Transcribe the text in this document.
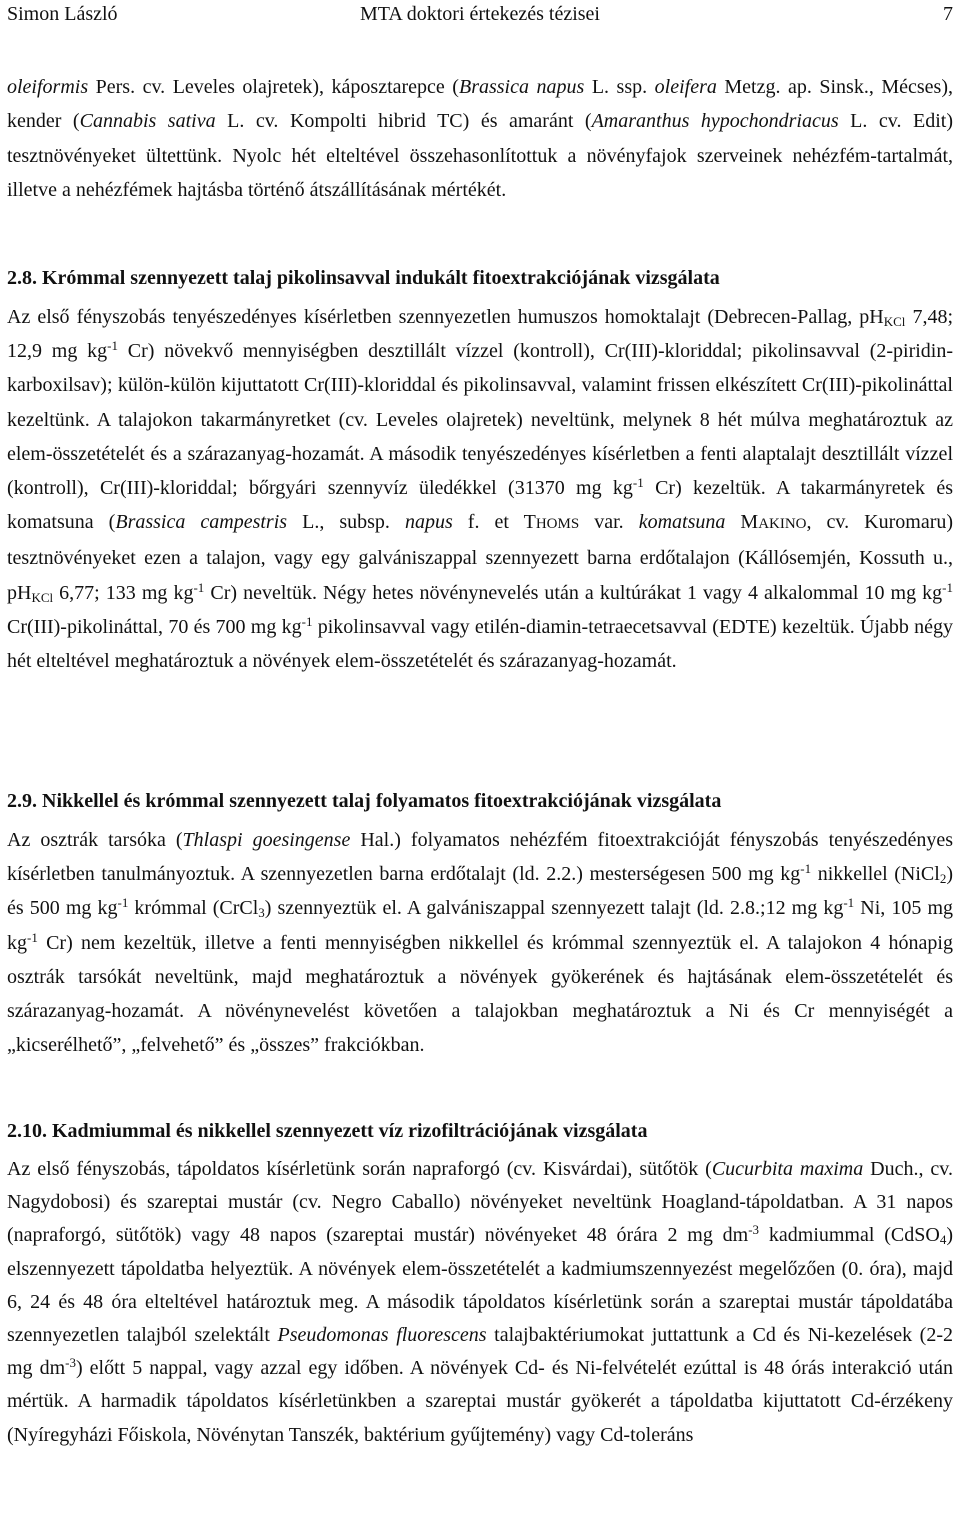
MTA doktori értekezés tézisei
Simon László	7
oleiformis Pers. cv. Leveles olajretek), káposztarepce (Brassica napus L. ssp. oleifera Metzg. ap. Sinsk., Mécses), kender (Cannabis sativa L. cv. Kompolti hibrid TC) és amaránt (Amaranthus hypochondriacus L. cv. Edit) tesztnövényeket ültettünk. Nyolc hét elteltével összehasonlítottuk a növényfajok szerveinek nehézfém-tartalmát, illetve a nehézfémek hajtásba történő átszállításának mértékét.
2.8. Krómmal szennyezett talaj pikolinsavval indukált fitoextrakciójának vizsgálata
Az első fényszobás tenyészedényes kísérletben szennyezetlen humuszos homoktalajt (Debrecen-Pallag, $pH_{KCl}$ 7,48; 12,9 mg $kg^{-1}$ Cr) növekvő mennyiségben desztillált vízzel (kontroll), Cr(III)-kloriddal; pikolinsavval (2-piridin-karboxilsav); külön-külön kijuttatott Cr(III)-kloriddal és pikolinsavval, valamint frissen elkészített Cr(III)-pikolináttal kezeltünk. A talajokon takarmányretket (cv. Leveles olajretek) neveltünk, melynek 8 hét múlva meghatároztuk az elem-összetételét és a szárazanyag-hozamát. A második tenyészedényes kísérletben a fenti alaptalajt desztillált vízzel (kontroll), Cr(III)-kloriddal; bőrgyári szennyvíz üledékkel (31370 mg $kg^{-1}$ Cr) kezeltük. A takarmányretek és komatsuna (Brassica campestris L., subsp. napus f. et THOMS var. komatsuna MAKINO, cv. Kuromaru) tesztnövényeket ezen a talajon, vagy egy galvániszappal szennyezett barna erdőtalajon (Kállósemjén, Kossuth u., $pH_{KCl}$ 6,77; 133 mg $kg^{-1}$ Cr) neveltük. Négy hetes növénynevelés után a kultúrákat 1 vagy 4 alkalommal 10 mg $kg^{-1}$ Cr(III)-pikolináttal, 70 és 700 mg $kg^{-1}$ pikolinsavval vagy etilén-diamin-tetraecetsavval (EDTE) kezeltük. Újabb négy hét elteltével meghatároztuk a növények elem-összetételét és szárazanyag-hozamát.
2.9. Nikkellel és krómmal szennyezett talaj folyamatos fitoextrakciójának vizsgálata
Az osztrák tarsóka (Thlaspi goesingense Hal.) folyamatos nehézfém fitoextrakcióját fényszobás tenyészedényes kísérletben tanulmányoztuk. A szennyezetlen barna erdőtalajt (ld. 2.2.) mesterségesen 500 mg $kg^{-1}$ nikkellel (NiCl$_2$) és 500 mg $kg^{-1}$ krómmal (CrCl$_3$) szennyeztük el. A galvániszappal szennyezett talajt (ld. 2.8.;12 mg $kg^{-1}$ Ni, 105 mg $kg^{-1}$ Cr) nem kezeltük, illetve a fenti mennyiségben nikkellel és krómmal szennyeztük el. A talajokon 4 hónapig osztrák tarsókát neveltünk, majd meghatároztuk a növények gyökerének és hajtásának elem-összetételét és szárazanyag-hozamát. A növénynevelést követően a talajokban meghatároztuk a Ni és Cr mennyiségét a „kicserélhető”, „felvehető” és „összes” frakciókban.
2.10. Kadmiummal és nikkellel szennyezett víz rizofiltrációjának vizsgálata
Az első fényszobás, tápoldatos kísérletünk során napraforgó (cv. Kisvárdai), sütőtök (Cucurbita maxima Duch., cv. Nagydobosi) és szareptai mustár (cv. Negro Caballo) növényeket neveltünk Hoagland-tápoldatban. A 31 napos (napraforgó, sütőtök) vagy 48 napos (szareptai mustár) növényeket 48 órára 2 mg $dm^{-3}$ kadmiummal (CdSO$_4$) elszennyezett tápoldatba helyeztük. A növények elem-összetételét a kadmiumszennyezést megelőzően (0. óra), majd 6, 24 és 48 óra elteltével határoztuk meg. A második tápoldatos kísérletünk során a szareptai mustár tápoldatába szennyezetlen talajból szelektált Pseudomonas fluorescens talajbaktériumokat juttattunk a Cd és Ni-kezelések (2-2 mg $dm^{-3}$) előtt 5 nappal, vagy azzal egy időben. A növények Cd- és Ni-felvételét ezúttal is 48 órás interakció után mértük. A harmadik tápoldatos kísérletünkben a szareptai mustár gyökerét a tápoldatba kijuttatott Cd-érzékeny (Nyíregyházi Főiskola, Növénytan Tanszék, baktérium gyűjtemény) vagy Cd-toleráns
